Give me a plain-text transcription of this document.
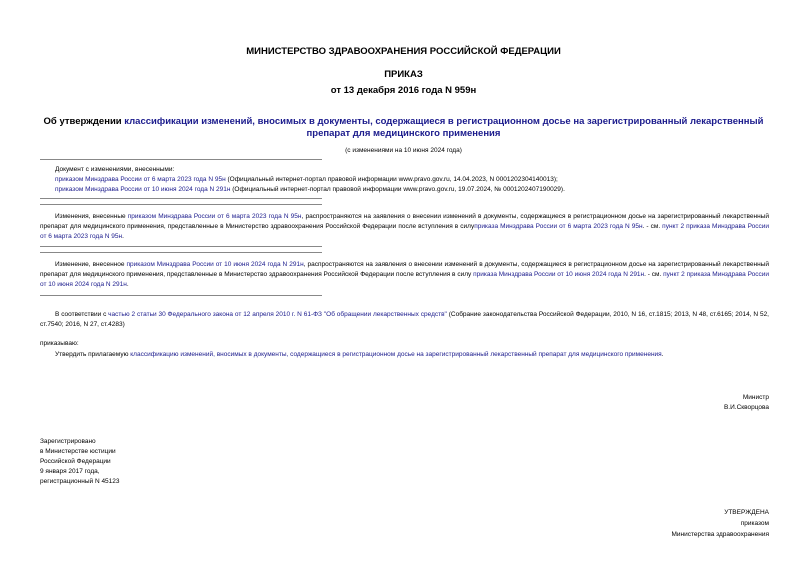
МИНИСТЕРСТВО ЗДРАВООХРАНЕНИЯ РОССИЙСКОЙ ФЕДЕРАЦИИ
ПРИКАЗ
от 13 декабря 2016 года N 959н
Об утверждении классификации изменений, вносимых в документы, содержащиеся в регистрационном досье на зарегистрированный лекарственный препарат для медицинского применения
(с изменениями на 10 июня 2024 года)
Документ с изменениями, внесенными:
приказом Минздрава России от 6 марта 2023 года N 95н (Официальный интернет-портал правовой информации www.pravo.gov.ru, 14.04.2023, N 0001202304140013);
приказом Минздрава России от 10 июня 2024 года N 291н (Официальный интернет-портал правовой информации www.pravo.gov.ru, 19.07.2024, № 0001202407190029).
Изменения, внесенные приказом Минздрава России от 6 марта 2023 года N 95н, распространяются на заявления о внесении изменений в документы, содержащиеся в регистрационном досье на зарегистрированный лекарственный препарат для медицинского применения, представленные в Министерство здравоохранения Российской Федерации после вступления в силуприказа Минздрава России от 6 марта 2023 года N 95н. - см. пункт 2 приказа Минздрава России от 6 марта 2023 года N 95н.
Изменение, внесенное приказом Минздрава России от 10 июня 2024 года N 291н, распространяются на заявления о внесении изменений в документы, содержащиеся в регистрационном досье на зарегистрированный лекарственный препарат для медицинского применения, представленные в Министерство здравоохранения Российской Федерации после вступления в силу приказа Минздрава России от 10 июня 2024 года N 291н. - см. пункт 2 приказа Минздрава России от 10 июня 2024 года N 291н.
В соответствии с частью 2 статьи 30 Федерального закона от 12 апреля 2010 г. N 61-ФЗ "Об обращении лекарственных средств" (Собрание законодательства Российской Федерации, 2010, N 16, ст.1815; 2013, N 48, ст.6165; 2014, N 52, ст.7540; 2016, N 27, ст.4283)
приказываю:
Утвердить прилагаемую классификацию изменений, вносимых в документы, содержащиеся в регистрационном досье на зарегистрированный лекарственный препарат для медицинского применения.
Министр
В.И.Скворцова
Зарегистрировано
в Министерстве юстиции
Российской Федерации
9 января 2017 года,
регистрационный N 45123
УТВЕРЖДЕНА
приказом
Министерства здравоохранения
